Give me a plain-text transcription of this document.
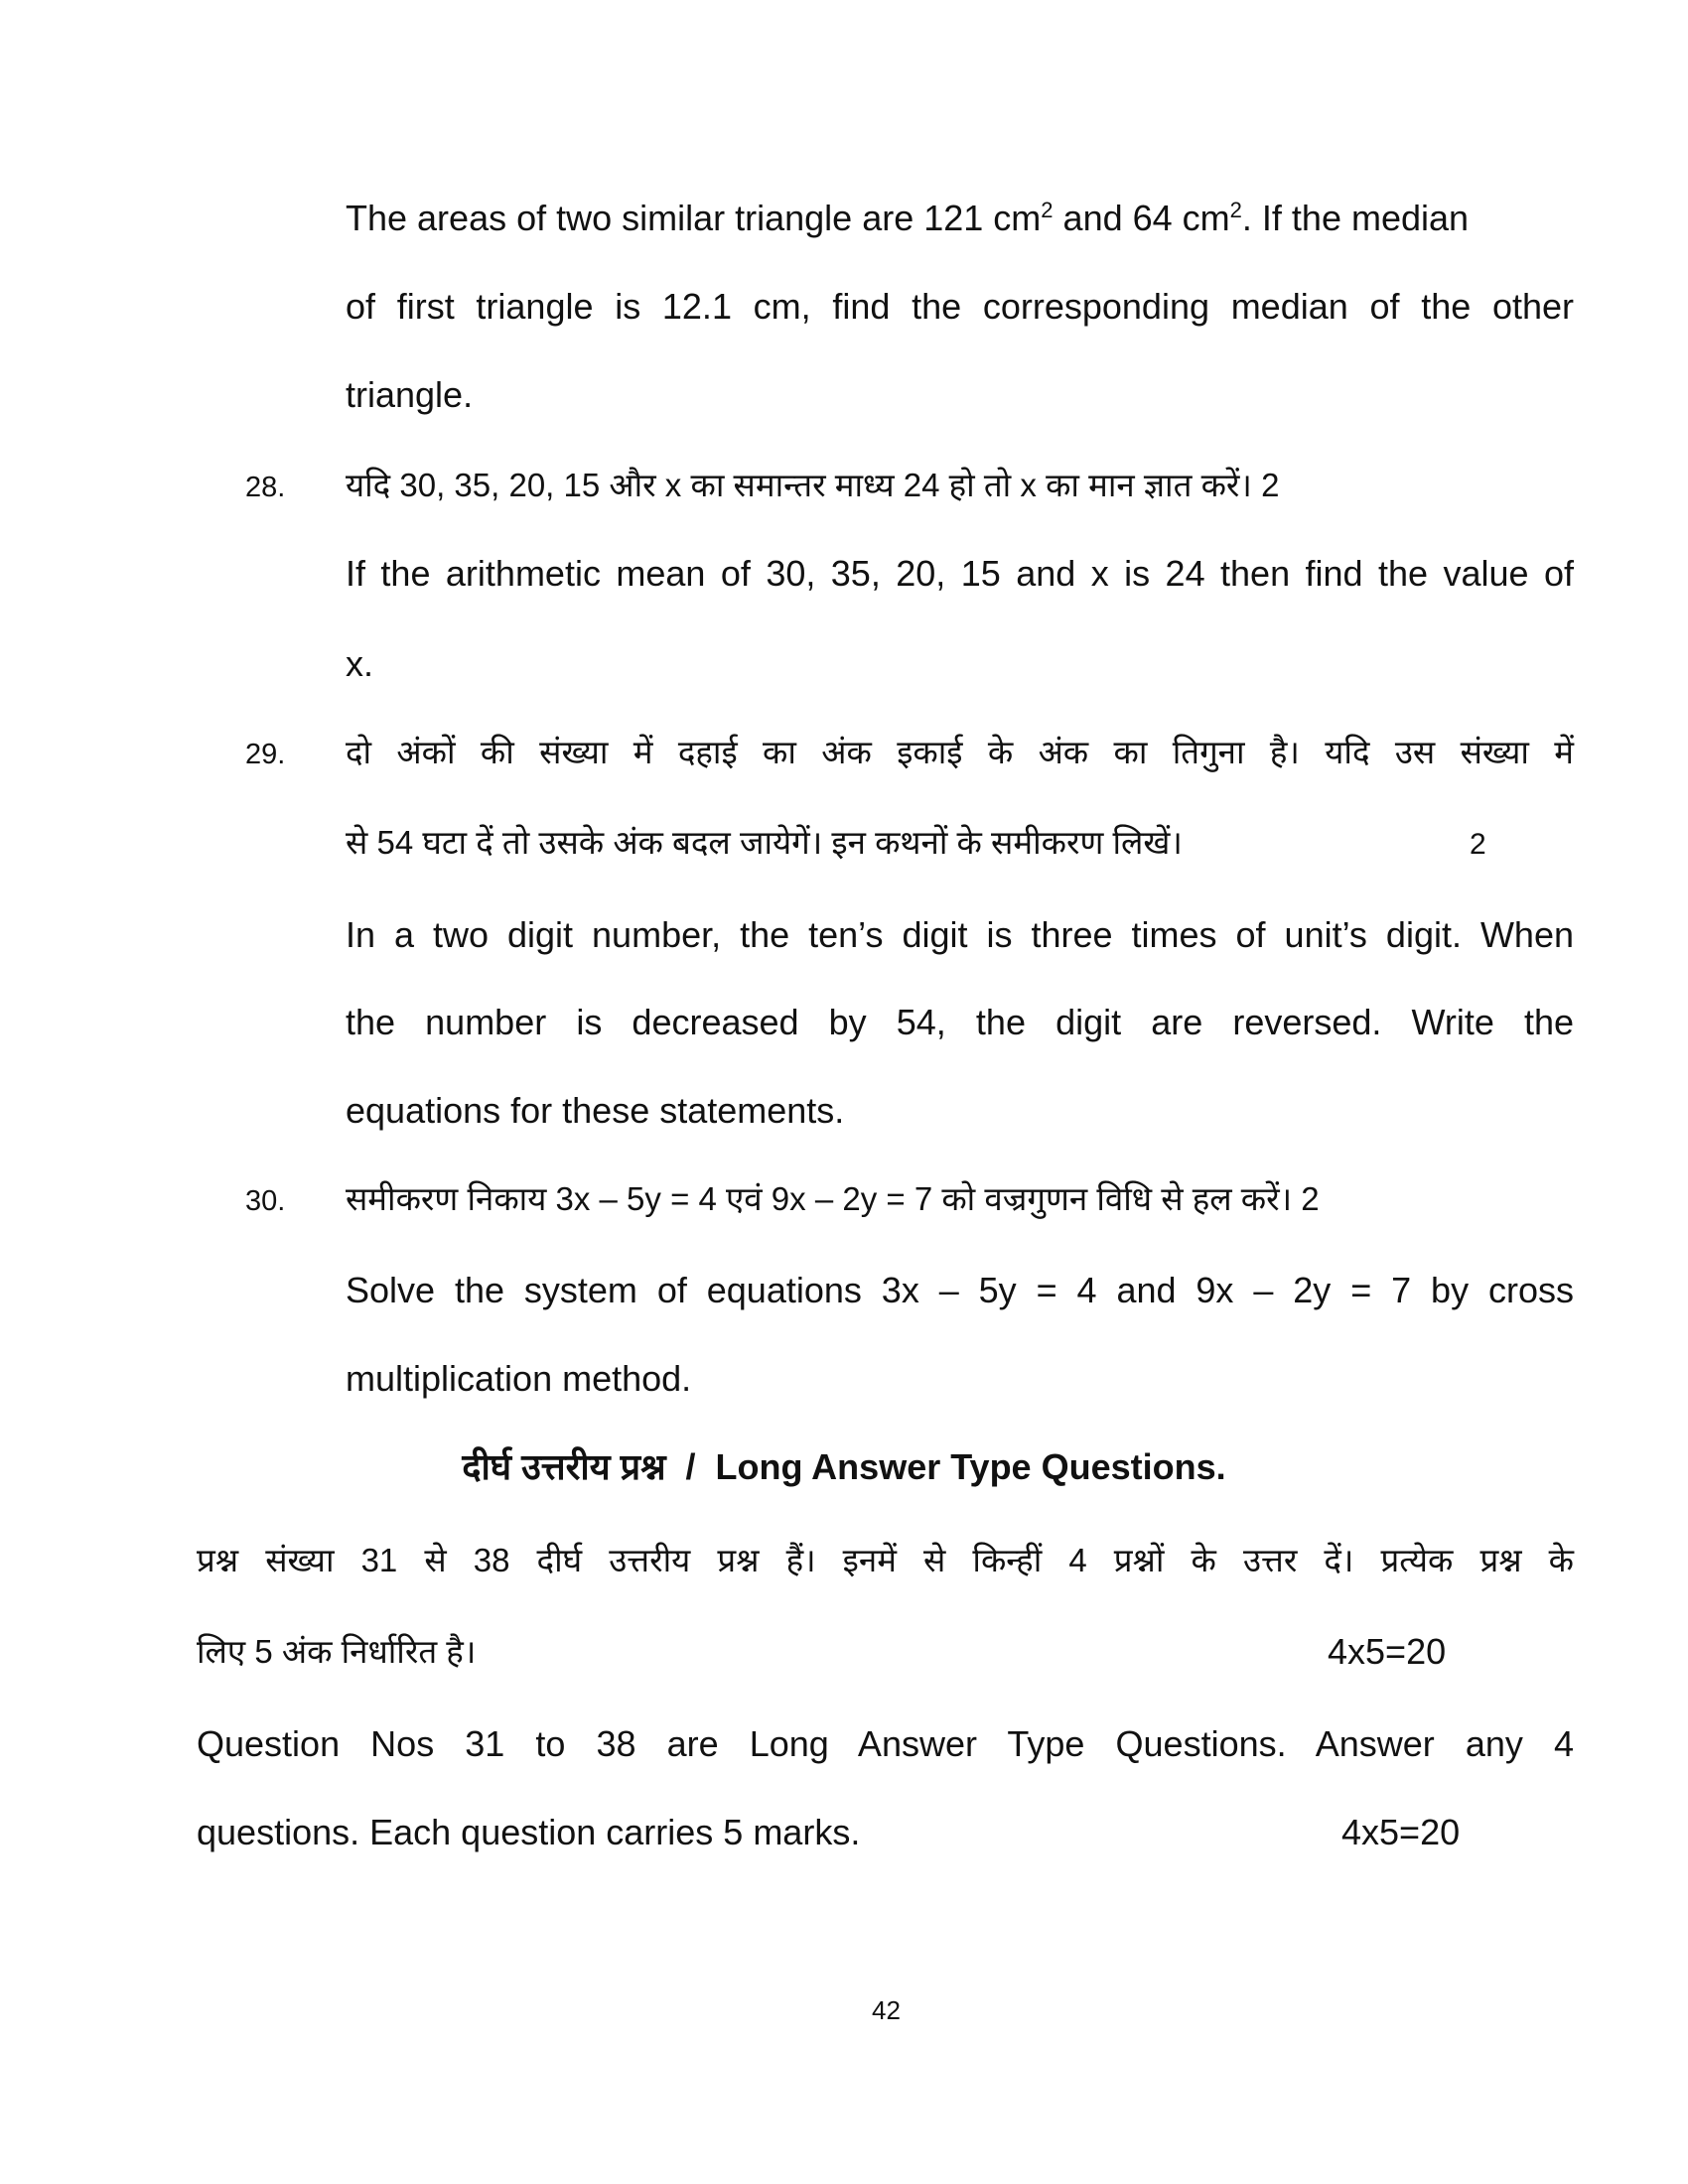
The areas of two similar triangle are 121 $cm^2$ and 64 $cm^2$. If the median
of first triangle is 12.1 cm, find the corresponding median of the other
triangle.
28. यदि 30, 35, 20, 15 और x का समान्तर माध्य 24 हो तो x का मान ज्ञात करें। 2
If the arithmetic mean of 30, 35, 20, 15 and x is 24 then find the value of
x.
29. दो अंकों की संख्या में दहाई का अंक इकाई के अंक का तिगुना है। यदि उस संख्या में
से 54 घटा दें तो उसके अंक बदल जायेगें। इन कथनों के समीकरण लिखें।	2
In a two digit number, the ten’s digit is three times of unit’s digit. When
the number is decreased by 54, the digit are reversed. Write the
equations for these statements.
30. समीकरण निकाय 3x – 5y = 4 एवं 9x – 2y = 7 को वज्रगुणन विधि से हल करें। 2
Solve the system of equations 3x – 5y = 4 and 9x – 2y = 7 by cross
multiplication method.
दीर्घ उत्तरीय प्रश्न  /  Long Answer Type Questions.
प्रश्न संख्या 31 से 38 दीर्घ उत्तरीय प्रश्न हैं। इनमें से किन्हीं 4 प्रश्नों के उत्तर दें। प्रत्येक प्रश्न के
लिए 5 अंक निर्धारित है।	4x5=20
Question Nos 31 to 38 are Long Answer Type Questions. Answer any 4
questions. Each question carries 5 marks.	4x5=20
42
